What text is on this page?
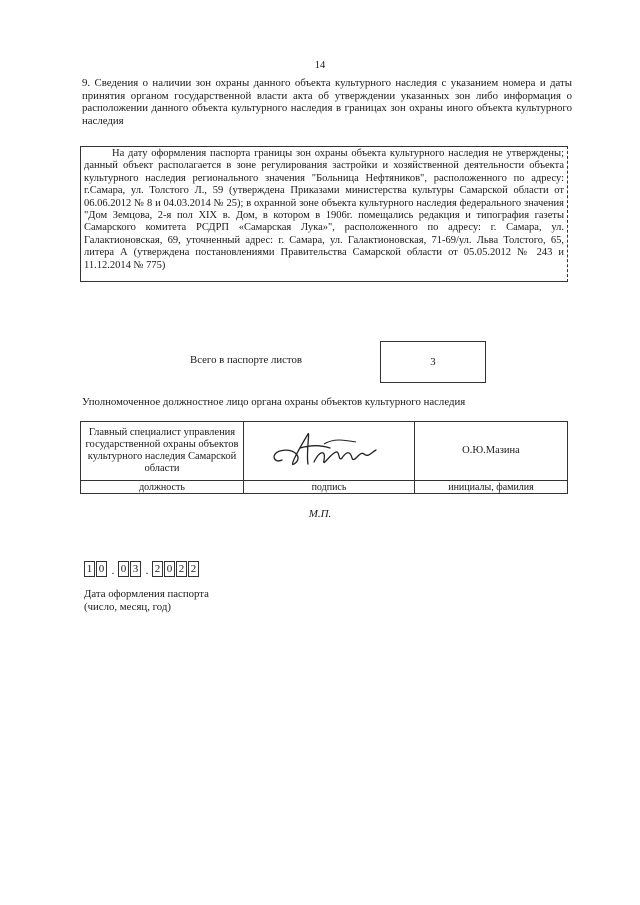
14
9. Сведения о наличии зон охраны данного объекта культурного наследия с указанием номера и даты принятия органом государственной власти акта об утверждении указанных зон либо информация о расположении данного объекта культурного наследия в границах зон охраны иного объекта культурного наследия

На дату оформления паспорта границы зон охраны объекта культурного наследия не утверждены; данный объект располагается в зоне регулирования застройки и хозяйственной деятельности объекта культурного наследия регионального значения "Больница Нефтяников", расположенного по адресу: г.Самара, ул. Толстого Л., 59 (утверждена Приказами министерства культуры Самарской области от 06.06.2012 № 8 и 04.03.2014 № 25); в охранной зоне объекта культурного наследия федерального значения "Дом Земцова, 2-я пол XIX в. Дом, в котором в 1906г. помещались редакция и типография газеты Самарского комитета РСДРП «Самарская Лука»", расположенного по адресу: г. Самара, ул. Галактионовская, 69, уточненный адрес: г. Самара, ул. Галактионовская, 71-69/ул. Льва Толстого, 65, литера А (утверждена постановлениями Правительства Самарской области от 05.05.2012 № 243 и 11.12.2014 № 775)

Всего в паспорте листов	3
Уполномоченное должностное лицо органа охраны объектов культурного наследия
Главный специалист управления государственной охраны объектов культурного наследия Самарской области		О.Ю.Мазина
должность	подпись	инициалы, фамилия
М.П.
1 0 . 0 3 . 2 0 2 2
Дата оформления паспорта
(число, месяц, год)
